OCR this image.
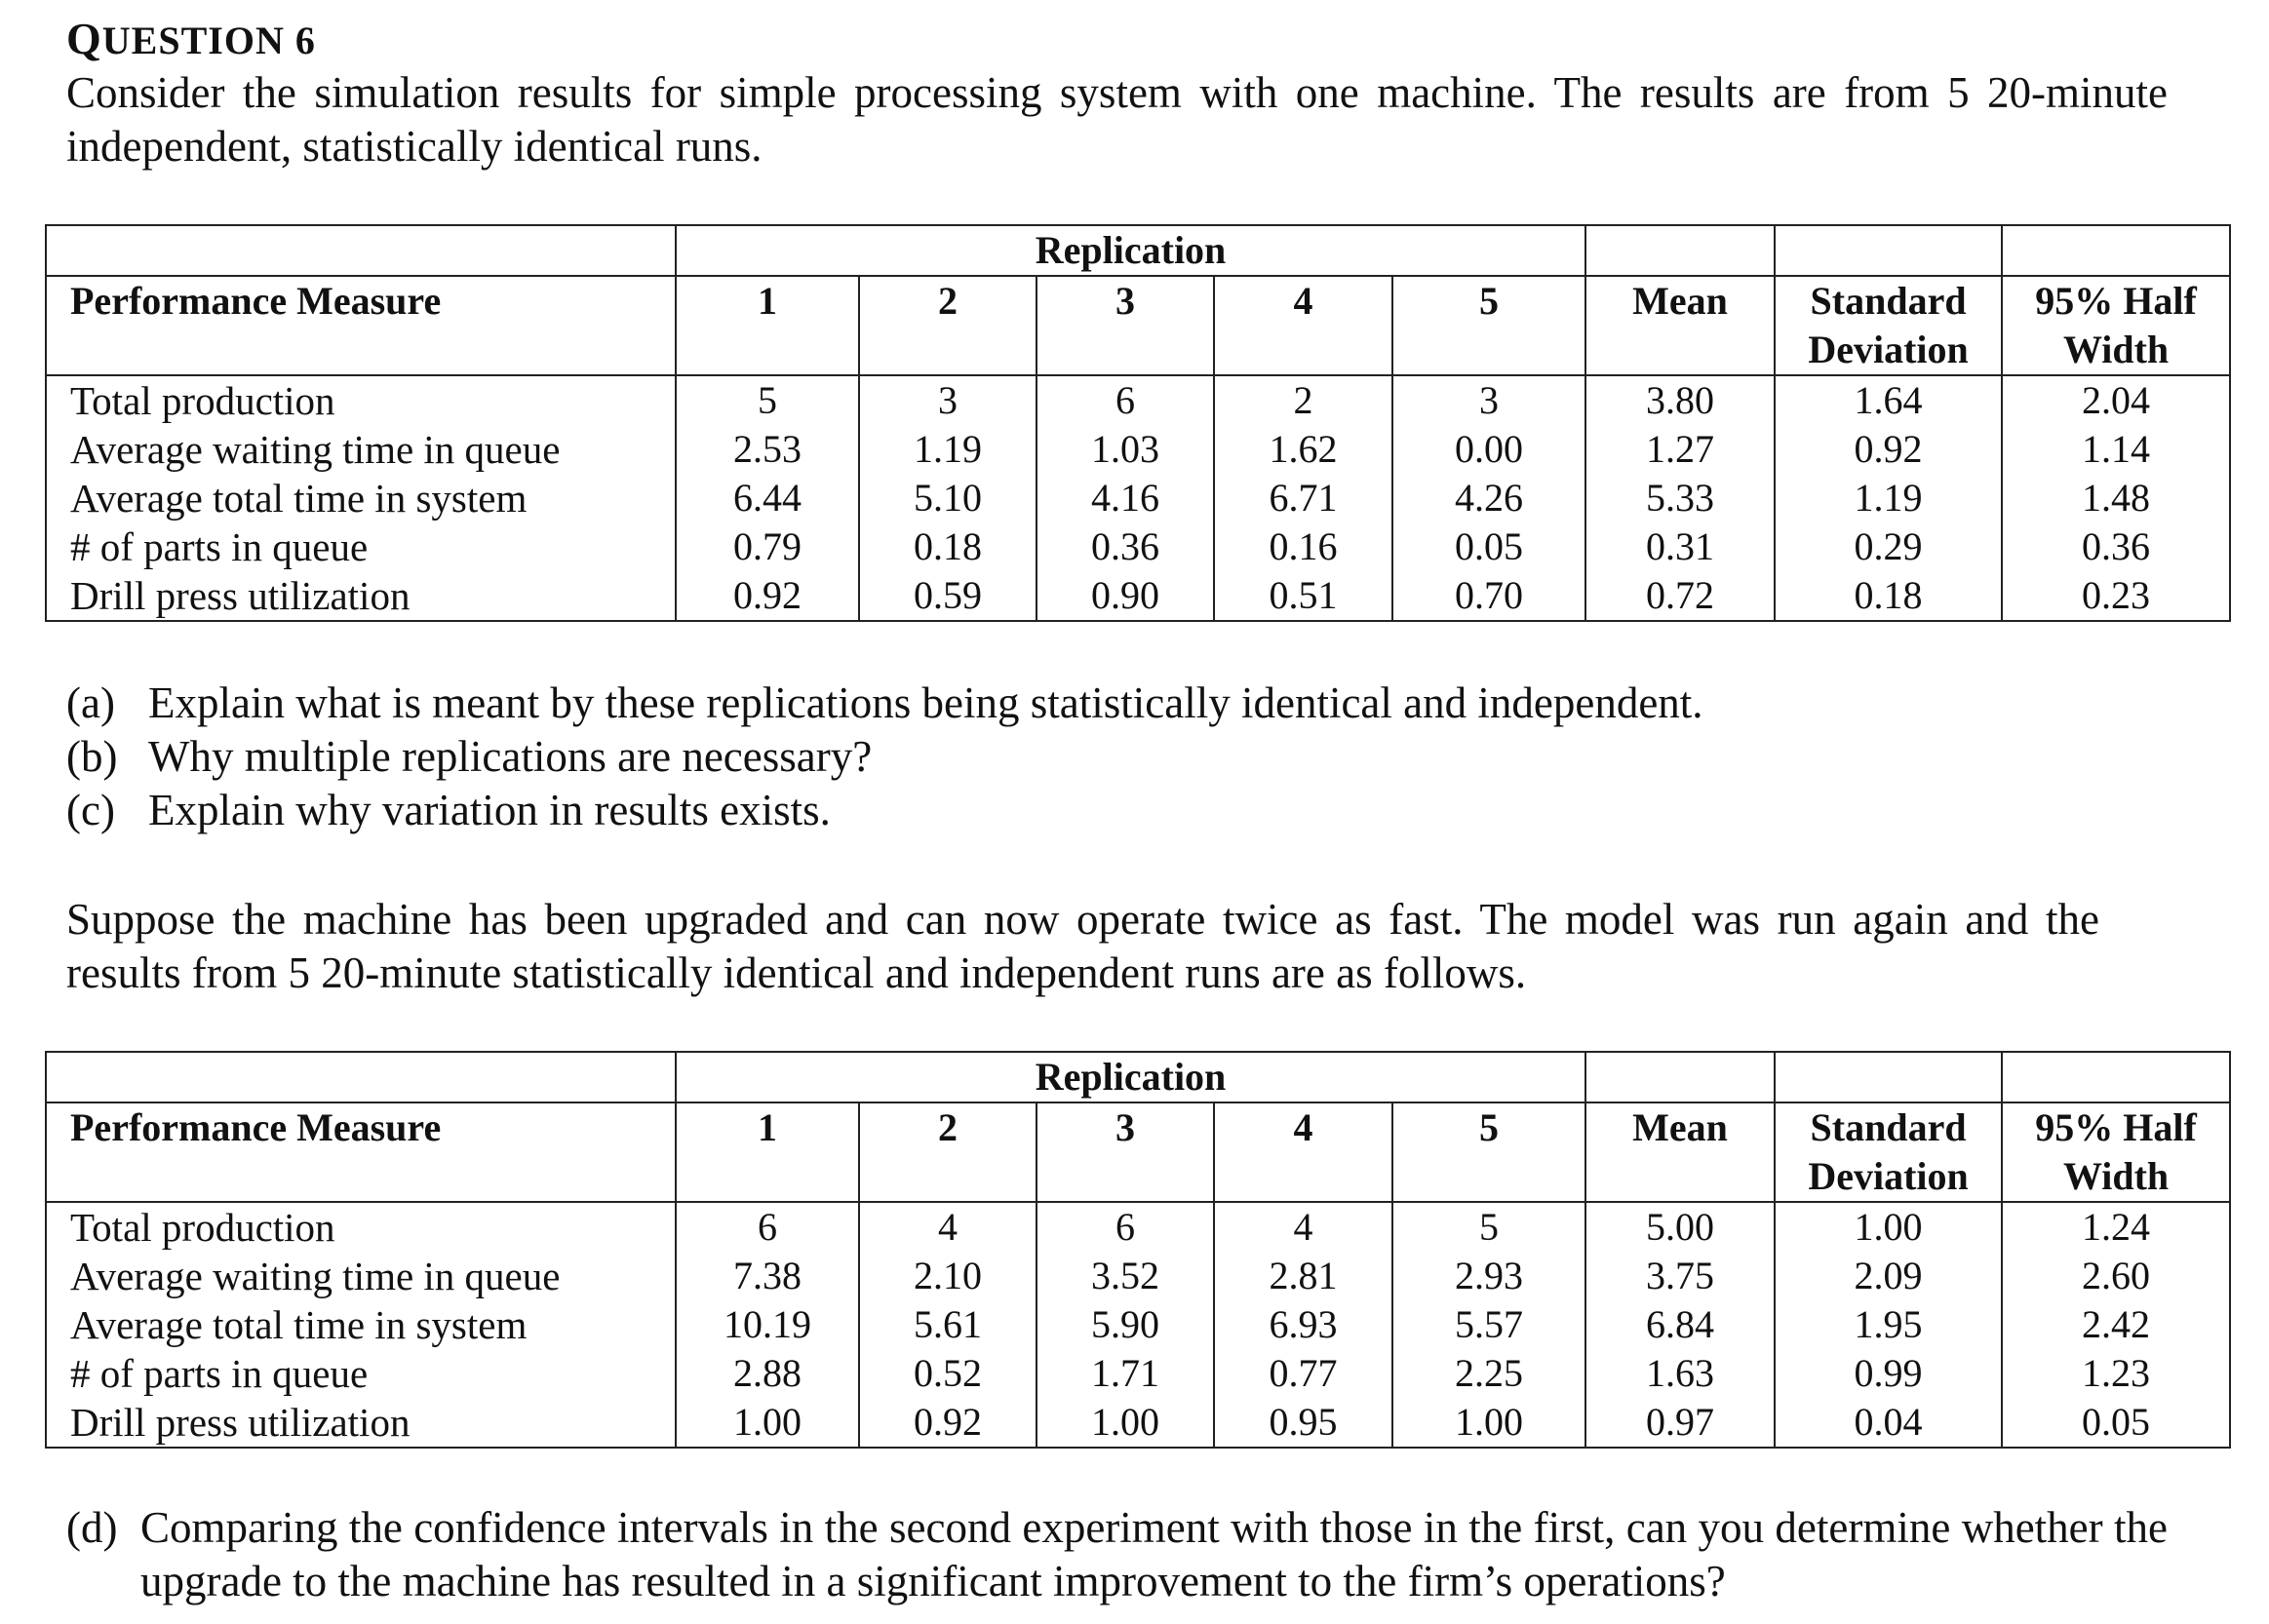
QUESTION 6

Consider the simulation results for simple processing system with one machine. The results are from 5 20-minute independent, statistically identical runs.

	Replication							
Performance Measure	1	2	3	4	5	Mean	Standard Deviation	95% Half Width
Total production	5	3	6	2	3	3.80	1.64	2.04
Average waiting time in queue	2.53	1.19	1.03	1.62	0.00	1.27	0.92	1.14
Average total time in system	6.44	5.10	4.16	6.71	4.26	5.33	1.19	1.48
# of parts in queue	0.79	0.18	0.36	0.16	0.05	0.31	0.29	0.36
Drill press utilization	0.92	0.59	0.90	0.51	0.70	0.72	0.18	0.23
(a) Explain what is meant by these replications being statistically identical and independent.
(b) Why multiple replications are necessary?
(c) Explain why variation in results exists.

Suppose the machine has been upgraded and can now operate twice as fast. The model was run again and the results from 5 20-minute statistically identical and independent runs are as follows.

	Replication							
Performance Measure	1	2	3	4	5	Mean	Standard Deviation	95% Half Width
Total production	6	4	6	4	5	5.00	1.00	1.24
Average waiting time in queue	7.38	2.10	3.52	2.81	2.93	3.75	2.09	2.60
Average total time in system	10.19	5.61	5.90	6.93	5.57	6.84	1.95	2.42
# of parts in queue	2.88	0.52	1.71	0.77	2.25	1.63	0.99	1.23
Drill press utilization	1.00	0.92	1.00	0.95	1.00	0.97	0.04	0.05
(d) Comparing the confidence intervals in the second experiment with those in the first, can you determine whether the upgrade to the machine has resulted in a significant improvement to the firm’s operations?
